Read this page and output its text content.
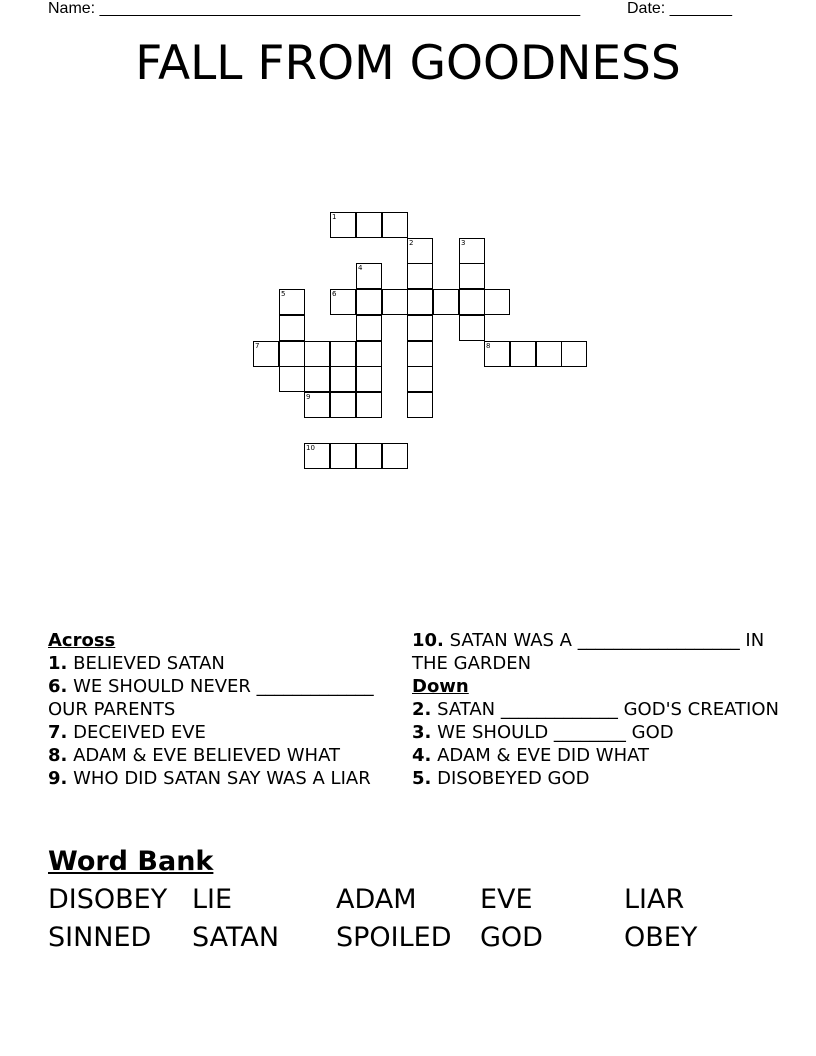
Name: ______________________________________________________	Date: _______
FALL FROM GOODNESS
1
2	3
4
5	6
7	8
9
10
Across
1. BELIEVED SATAN
6. WE SHOULD NEVER _____________ OUR PARENTS
7. DECEIVED EVE
8. ADAM & EVE BELIEVED WHAT
9. WHO DID SATAN SAY WAS A LIAR
10. SATAN WAS A __________________ IN THE GARDEN
Down
2. SATAN _____________ GOD'S CREATION
3. WE SHOULD ________ GOD
4. ADAM & EVE DID WHAT
5. DISOBEYED GOD
Word Bank
DISOBEY LIE	ADAM EVE	LIAR
SINNED SATAN SPOILED GOD	OBEY
